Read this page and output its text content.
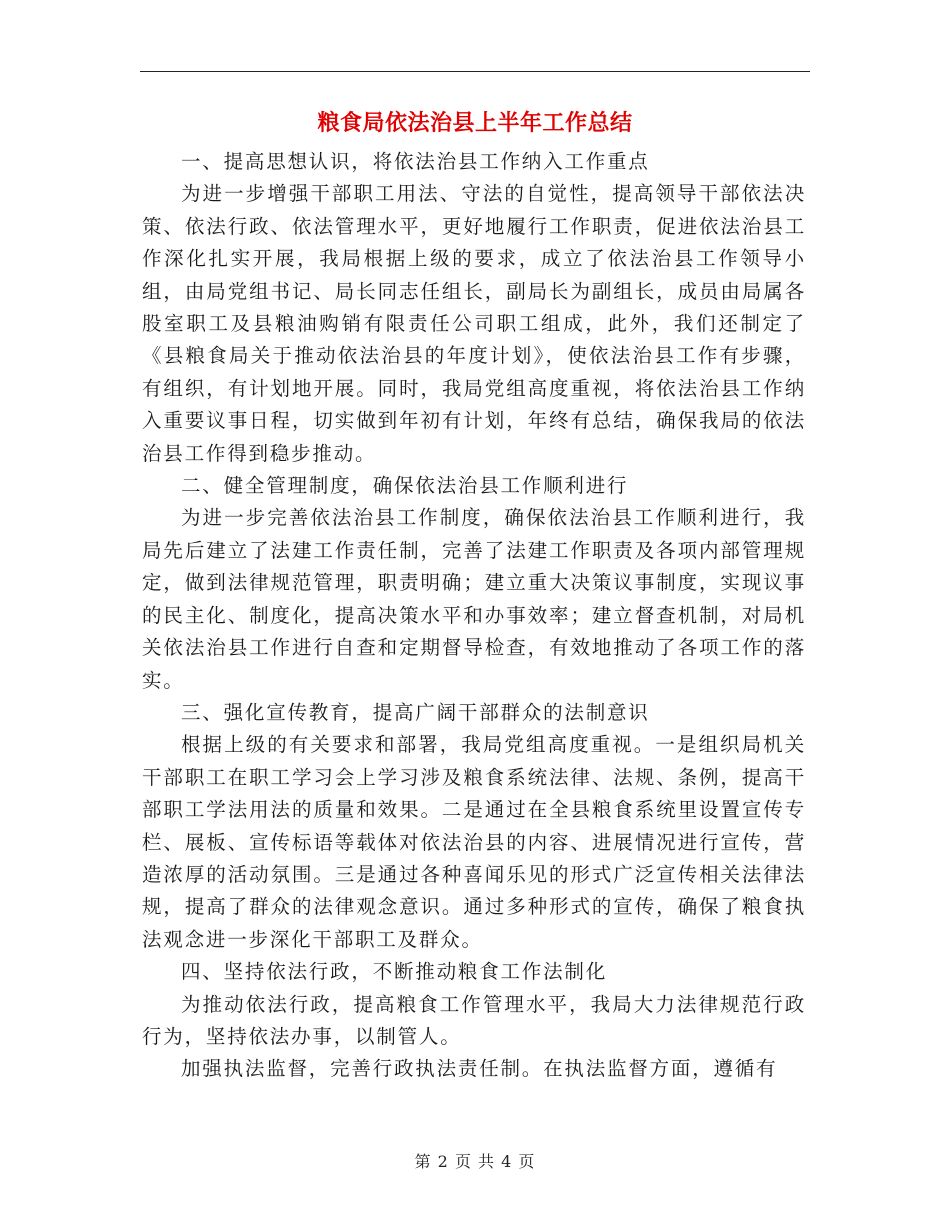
粮食局依法治县上半年工作总结

一、提高思想认识，将依法治县工作纳入工作重点

为进一步增强干部职工用法、守法的自觉性，提高领导干部依法决策、依法行政、依法管理水平，更好地履行工作职责，促进依法治县工作深化扎实开展，我局根据上级的要求，成立了依法治县工作领导小组，由局党组书记、局长同志任组长，副局长为副组长，成员由局属各股室职工及县粮油购销有限责任公司职工组成，此外，我们还制定了《县粮食局关于推动依法治县的年度计划》，使依法治县工作有步骤，有组织，有计划地开展。同时，我局党组高度重视，将依法治县工作纳入重要议事日程，切实做到年初有计划，年终有总结，确保我局的依法治县工作得到稳步推动。

二、健全管理制度，确保依法治县工作顺利进行

为进一步完善依法治县工作制度，确保依法治县工作顺利进行，我局先后建立了法建工作责任制，完善了法建工作职责及各项内部管理规定，做到法律规范管理，职责明确；建立重大决策议事制度，实现议事的民主化、制度化，提高决策水平和办事效率；建立督查机制，对局机关依法治县工作进行自查和定期督导检查，有效地推动了各项工作的落实。

三、强化宣传教育，提高广阔干部群众的法制意识

根据上级的有关要求和部署，我局党组高度重视。一是组织局机关干部职工在职工学习会上学习涉及粮食系统法律、法规、条例，提高干部职工学法用法的质量和效果。二是通过在全县粮食系统里设置宣传专栏、展板、宣传标语等载体对依法治县的内容、进展情况进行宣传，营造浓厚的活动氛围。三是通过各种喜闻乐见的形式广泛宣传相关法律法规，提高了群众的法律观念意识。通过多种形式的宣传，确保了粮食执法观念进一步深化干部职工及群众。

四、坚持依法行政，不断推动粮食工作法制化

为推动依法行政，提高粮食工作管理水平，我局大力法律规范行政行为，坚持依法办事，以制管人。

加强执法监督，完善行政执法责任制。在执法监督方面，遵循有

第 2 页 共 4 页
